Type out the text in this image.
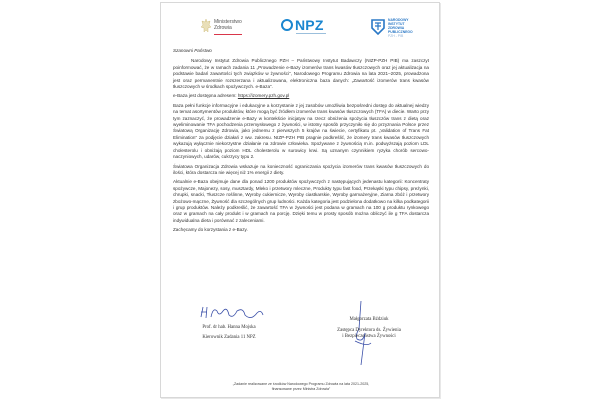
Ministerstwo
Zdrowia	NPZ	NARODOWY
INSTYTUT
ZDROWIA
PUBLICZNEGO
PZH - PIB

Szanowni Państwo

Narodowy Instytut Zdrowia Publicznego PZH – Państwowy Instytut Badawczy (NIZP-PZH PIB) ma zaszczyt poinformować, że w ramach zadania 11 „Prowadzenie e-Bazy izomerów trans kwasów tłuszczowych oraz jej aktualizacja na podstawie badań zawartości tych związków w żywności”, Narodowego Programu Zdrowia na lata 2021–2025, prowadzona jest oraz permanentnie rozszerzana i aktualizowana, elektroniczna baza danych: „Zawartość izomerów trans kwasów tłuszczowych w środkach spożywczych. e-Baza”.

e-Baza jest dostępna adresem: https://izomery.pzh.gov.pl

Baza pełni funkcje informacyjne i edukacyjne a korzystanie z jej zasobów umożliwia bezpośredni dostęp do aktualnej wiedzy na temat asortymentów produktów, które mogą być źródłem izomerów trans kwasów tłuszczowych (TFA) w diecie. Warto przy tym zaznaczyć, że prowadzenie e-Bazy w kontekście inicjatyw na rzecz obniżenia spożycia tłuszczów trans z dietą oraz wyeliminowanie TFA pochodzenia przemysłowego z żywności, w istotny sposób przyczyniło się do przyznania Polsce przez Światową Organizację Zdrowia, jako jednemu z pierwszych 5 krajów na świecie, certyfikatu pt. „Validation of Trans Fat Elimination” za podjęcie działań z ww. zakresu. NIZP-PZH PIB pragnie podkreślić, że izomery trans kwasów tłuszczowych wykazują wyłącznie niekorzystne działanie na zdrowie człowieka. Spożywane z żywnością m.in. podwyższają poziom LDL cholesterolu i obniżają poziom HDL cholesterolu w surowicy krwi. Są uznanym czynnikiem ryzyka chorób sercowo-naczyniowych, udarów, cukrzycy typu 2.

Światowa Organizacja Zdrowia wskazuje na konieczność ograniczania spożycia izomerów trans kwasów tłuszczowych do ilości, która dostarcza nie więcej niż 1% energii z diety.

Aktualnie e-Baza obejmuje dane dla ponad 1200 produktów spożywczych z następujących jedenastu kategorii: Koncentraty spożywcze, Majonezy, sosy, musztardy, Mleko i przetwory mleczne, Produkty typu fast food, Przekąski typu chipsy, preżynki, chrupki, snacki, Tłuszcze roślinne, Wyroby cukiernicze, Wyroby ciastkarskie, Wyroby garmażeryjne, Ziarna zbóż i przetwory zbożowo-mączne, Żywność dla szczególnych grup ludności. Każda kategoria jest podzielona dodatkowo na kilka podkategorii i grup produktów. Należy podkreślić, że zawartość TFA w żywności jest podana w gramach na 100 g produktu rynkowego oraz w gramach na cały produkt i w gramach na porcję. Dzięki temu w prosty sposób można obliczyć ile g TFA dostarcza indywidualna dieta i porównać z zaleceniami.

Zachęcamy do korzystania z e-Bazy.

Prof. dr hab. Hanna Mojska
Kierownik Zadania 11 NPZ
Małgorzata Bździuk
Zastępca Dyrektora ds. Żywienia
i Bezpieczeństwa Żywności
„Zadanie realizowane ze środków Narodowego Programu Zdrowia na lata 2021-2025,
finansowane przez Ministra Zdrowia”
